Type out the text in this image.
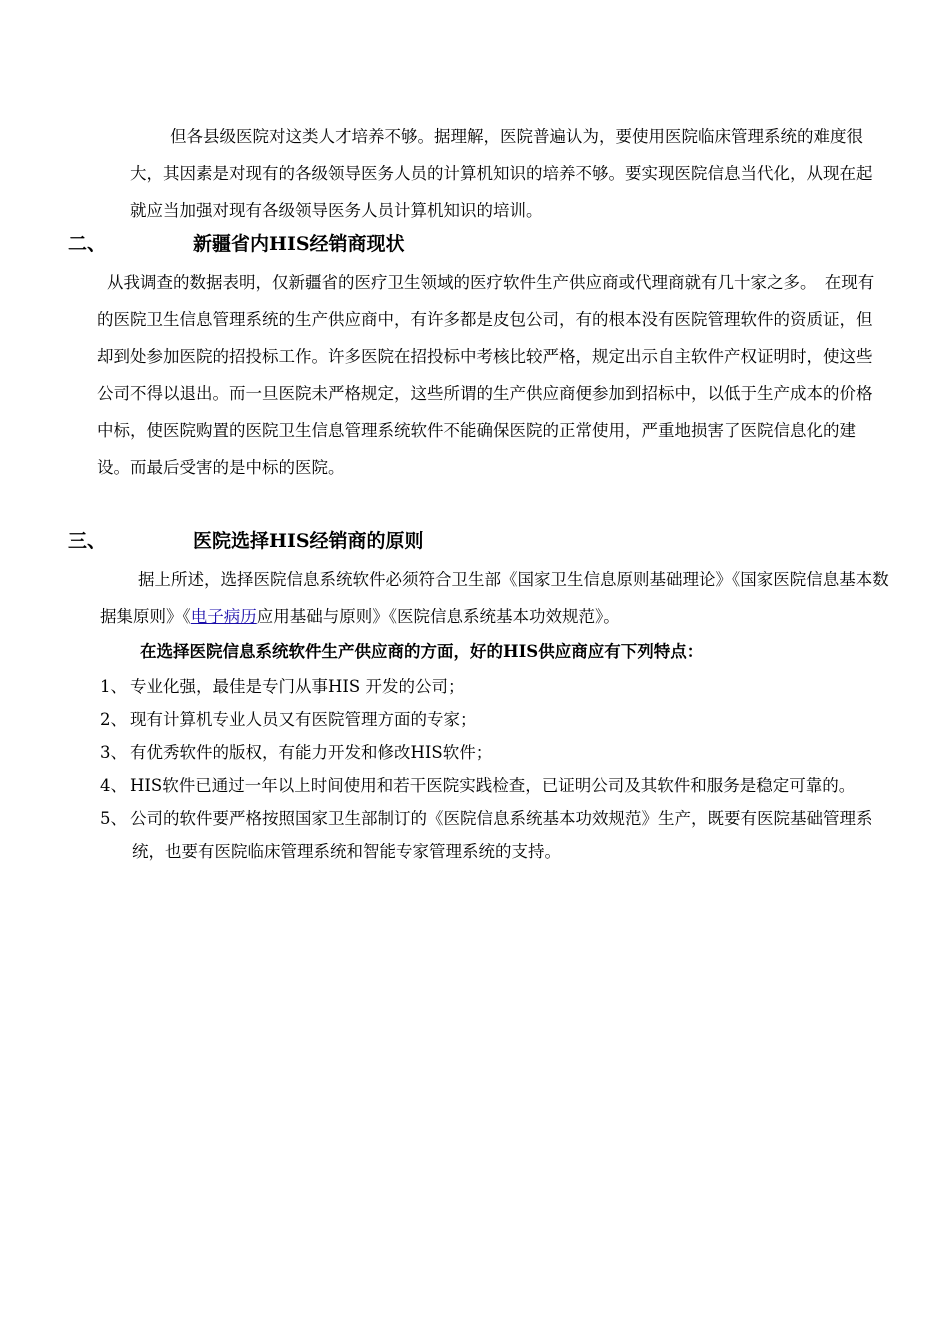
但各县级医院对这类人才培养不够。据理解，医院普遍认为，要使用医院临床管理系统的难度很大，其因素是对现有的各级领导医务人员的计算机知识的培养不够。要实现医院信息当代化，从现在起就应当加强对现有各级领导医务人员计算机知识的培训。

二、	新疆省内HIS经销商现状

从我调查的数据表明，仅新疆省的医疗卫生领域的医疗软件生产供应商或代理商就有几十家之多。　在现有的医院卫生信息管理系统的生产供应商中，有许多都是皮包公司，有的根本没有医院管理软件的资质证，但却到处参加医院的招投标工作。许多医院在招投标中考核比较严格，规定出示自主软件产权证明时，使这些公司不得以退出。而一旦医院未严格规定，这些所谓的生产供应商便参加到招标中，以低于生产成本的价格中标，使医院购置的医院卫生信息管理系统软件不能确保医院的正常使用，严重地损害了医院信息化的建设。而最后受害的是中标的医院。

三、	医院选择HIS经销商的原则

据上所述，选择医院信息系统软件必须符合卫生部《国家卫生信息原则基础理论》《国家医院信息基本数据集原则》《电子病历应用基础与原则》《医院信息系统基本功效规范》。

在选择医院信息系统软件生产供应商的方面，好的HIS供应商应有下列特点：

1、 专业化强，最佳是专门从事HIS 开发的公司；
2、 现有计算机专业人员又有医院管理方面的专家；
3、 有优秀软件的版权，有能力开发和修改HIS软件；
4、 HIS软件已通过一年以上时间使用和若干医院实践检查，已证明公司及其软件和服务是稳定可靠的。
5、 公司的软件要严格按照国家卫生部制订的《医院信息系统基本功效规范》生产，既要有医院基础管理系统，也要有医院临床管理系统和智能专家管理系统的支持。
